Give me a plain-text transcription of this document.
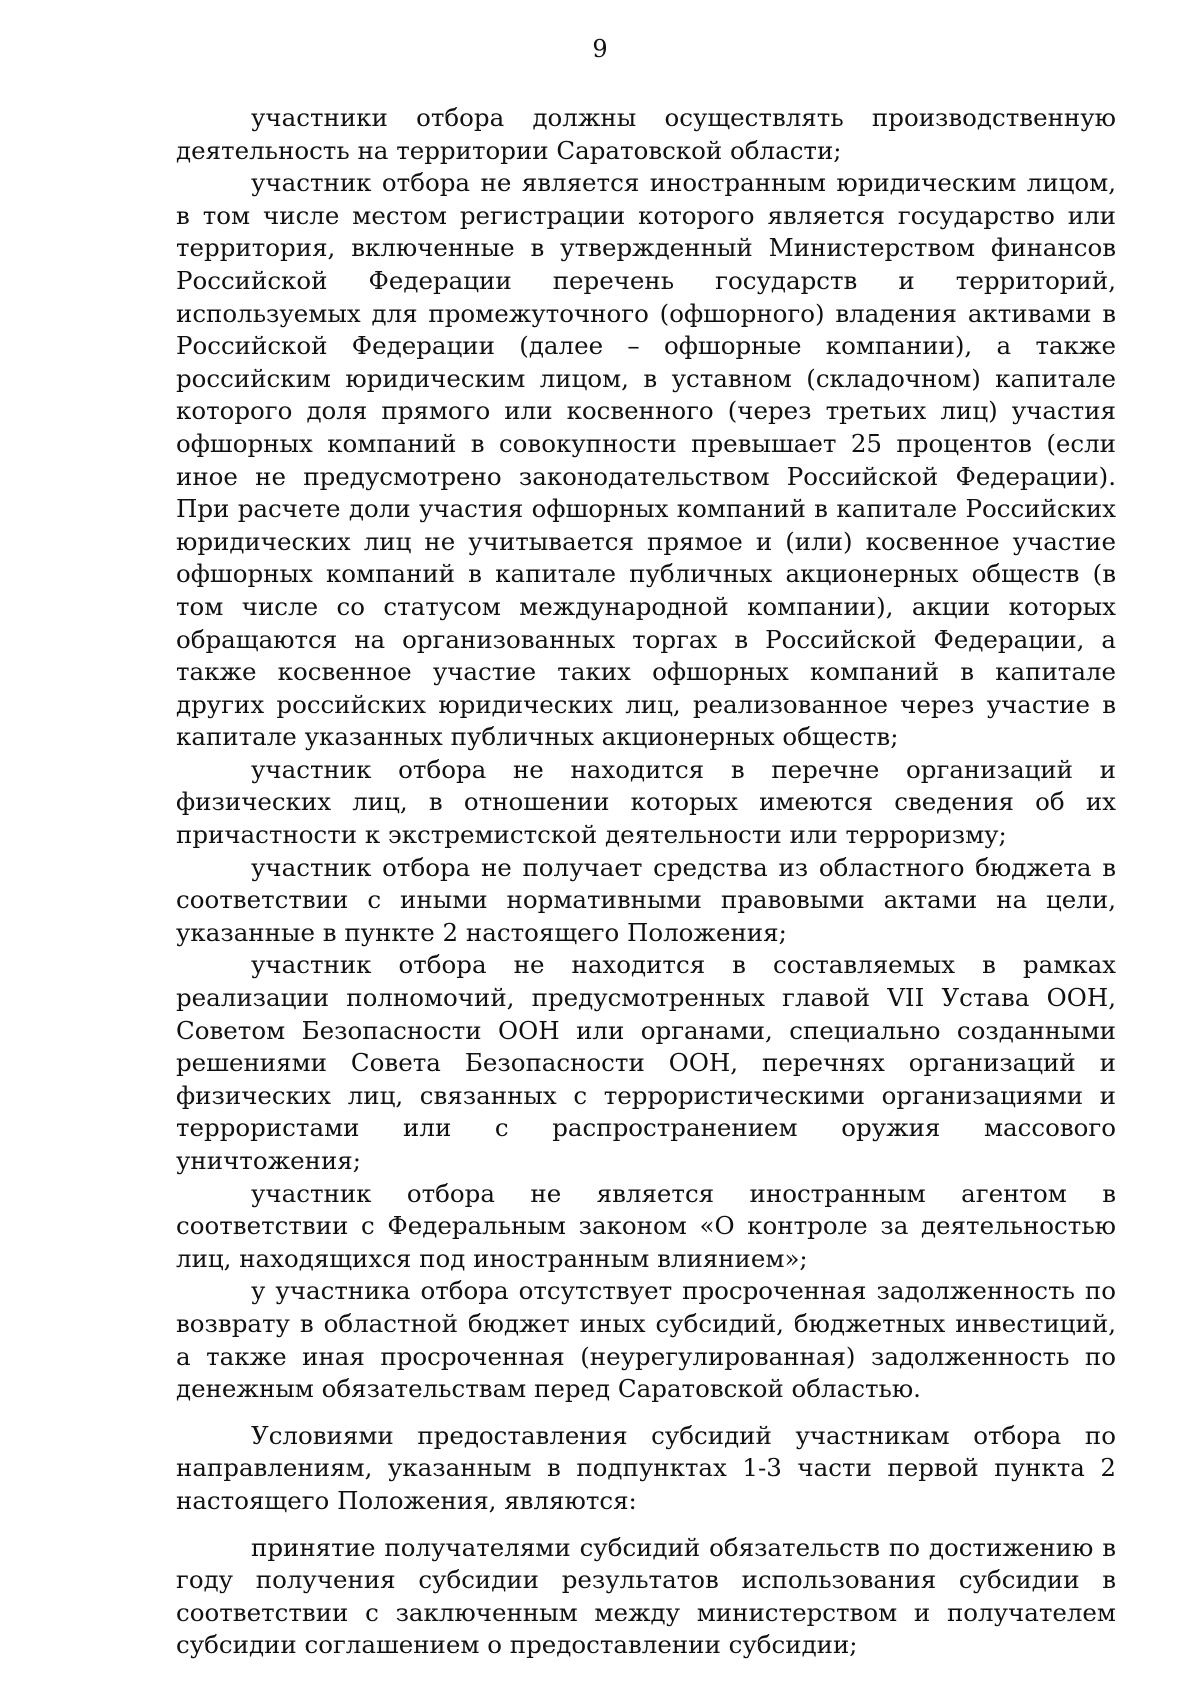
9

участники отбора должны осуществлять производственную деятельность на территории Саратовской области;

участник отбора не является иностранным юридическим лицом, в том числе местом регистрации которого является государство или территория, включенные в утвержденный Министерством финансов Российской Федерации перечень государств и территорий, используемых для промежуточного (офшорного) владения активами в Российской Федерации (далее – офшорные компании), а также российским юридическим лицом, в уставном (складочном) капитале которого доля прямого или косвенного (через третьих лиц) участия офшорных компаний в совокупности превышает 25 процентов (если иное не предусмотрено законодательством Российской Федерации). При расчете доли участия офшорных компаний в капитале Российских юридических лиц не учитывается прямое и (или) косвенное участие офшорных компаний в капитале публичных акционерных обществ (в том числе со статусом международной компании), акции которых обращаются на организованных торгах в Российской Федерации, а также косвенное участие таких офшорных компаний в капитале других российских юридических лиц, реализованное через участие в капитале указанных публичных акционерных обществ;

участник отбора не находится в перечне организаций и физических лиц, в отношении которых имеются сведения об их причастности к экстремистской деятельности или терроризму;

участник отбора не получает средства из областного бюджета в соответствии с иными нормативными правовыми актами на цели, указанные в пункте 2 настоящего Положения;

участник отбора не находится в составляемых в рамках реализации полномочий, предусмотренных главой VII Устава ООН, Советом Безопасности ООН или органами, специально созданными решениями Совета Безопасности ООН, перечнях организаций и физических лиц, связанных с террористическими организациями и террористами или с распространением оружия массового уничтожения;

участник отбора не является иностранным агентом в соответствии с Федеральным законом «О контроле за деятельностью лиц, находящихся под иностранным влиянием»;

у участника отбора отсутствует просроченная задолженность по возврату в областной бюджет иных субсидий, бюджетных инвестиций, а также иная просроченная (неурегулированная) задолженность по денежным обязательствам перед Саратовской областью.

Условиями предоставления субсидий участникам отбора по направлениям, указанным в подпунктах 1-3 части первой пункта 2 настоящего Положения, являются:

принятие получателями субсидий обязательств по достижению в году получения субсидии результатов использования субсидии в соответствии с заключенным между министерством и получателем субсидии соглашением о предоставлении субсидии;
